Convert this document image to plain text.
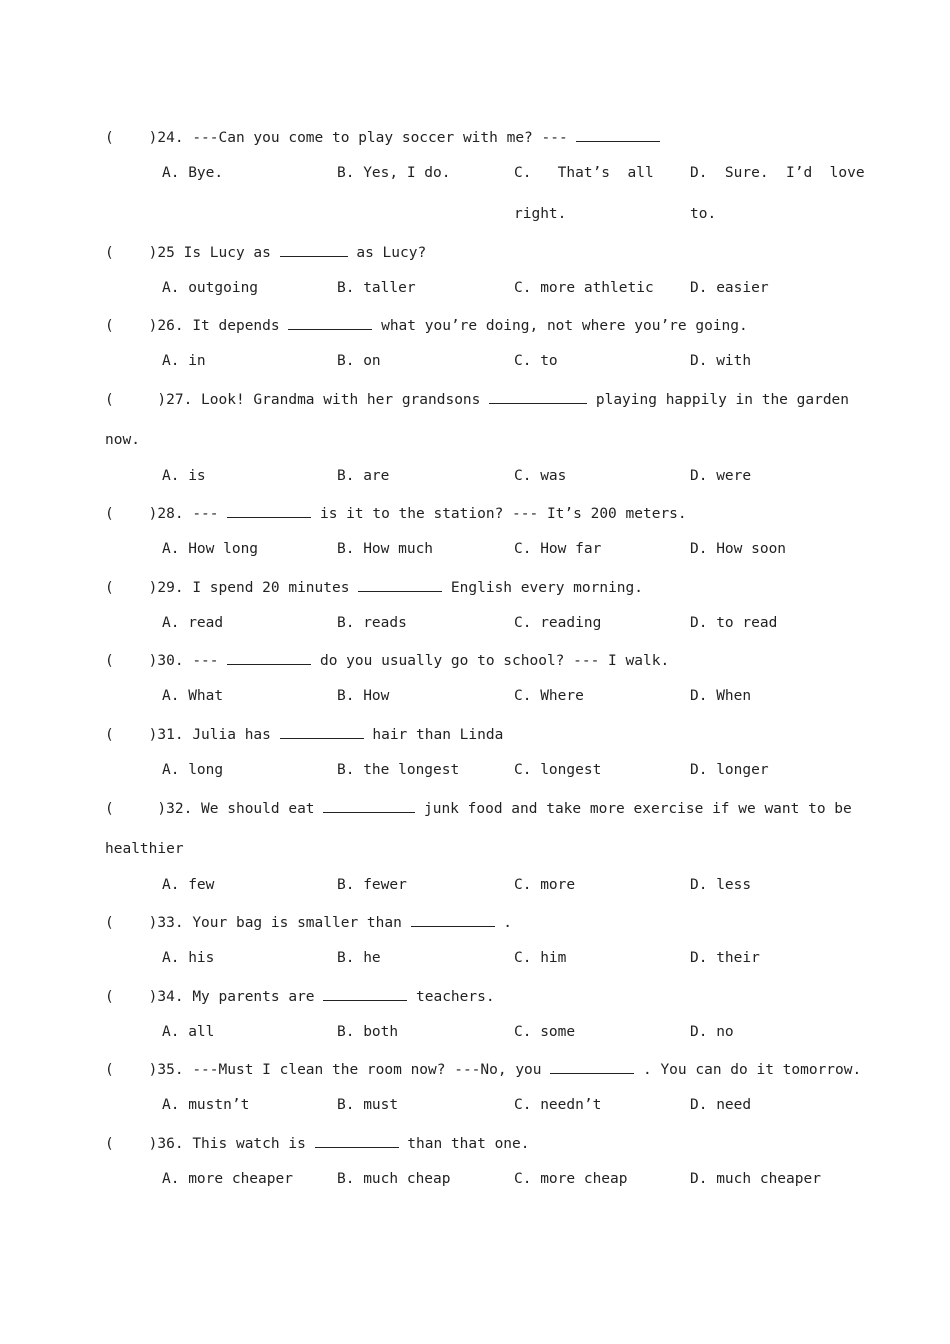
(    )24. ---Can you come to play soccer with me? ---
A. Bye.	B. Yes, I do.	C.   That’s  all
right.
D.  Sure.  I’d  love
to.
(    )25 Is Lucy as	as Lucy?
A. outgoing	B. taller	C. more athletic	D. easier
(    )26. It depends	what you’re doing, not where you’re going.
A. in	B. on	C. to	D. with
(     )27. Look! Grandma with her grandsons	playing happily in the garden
now.
A. is	B. are	C. was	D. were
(    )28. ---	is it to the station? --- It’s 200 meters.
A. How long	B. How much	C. How far	D. How soon
(    )29. I spend 20 minutes	English every morning.
A. read	B. reads	C. reading	D. to read
(    )30. ---	do you usually go to school? --- I walk.
A. What	B. How	C. Where	D. When
(    )31. Julia has	hair than Linda
A. long	B. the longest	C. longest	D. longer
(     )32. We should eat	junk food and take more exercise if we want to be
healthier
A. few	B. fewer	C. more	D. less
(    )33. Your bag is smaller than	.
A. his	B. he	C. him	D. their
(    )34. My parents are	teachers.
A. all	B. both	C. some	D. no
(    )35. ---Must I clean the room now? ---No, you	. You can do it tomorrow.
A. mustn’t	B. must	C. needn’t	D. need
(    )36. This watch is	than that one.
A. more cheaper	B. much cheap	C. more cheap	D. much cheaper
